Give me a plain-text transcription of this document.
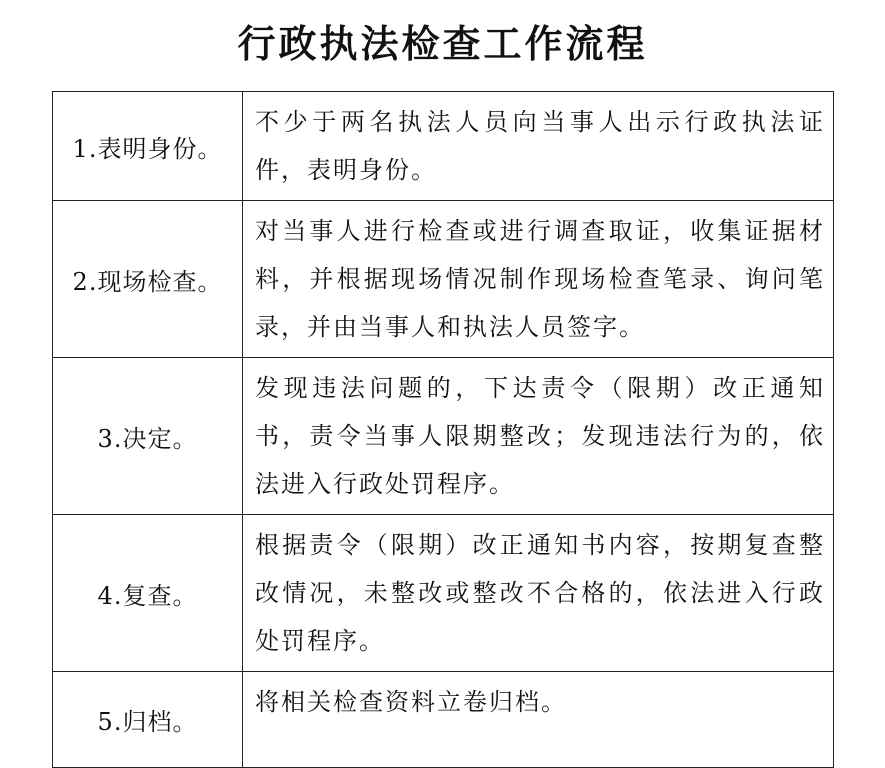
行政执法检查工作流程
1.表明身份。	不少于两名执法人员向当事人出示行政执法证件，表明身份。

2.现场检查。	对当事人进行检查或进行调查取证，收集证据材料，并根据现场情况制作现场检查笔录、询问笔录，并由当事人和执法人员签字。

3.决定。	发现违法问题的，下达责令（限期）改正通知书，责令当事人限期整改；发现违法行为的，依法进入行政处罚程序。

4.复查。	根据责令（限期）改正通知书内容，按期复查整改情况，未整改或整改不合格的，依法进入行政处罚程序。

5.归档。	将相关检查资料立卷归档。
